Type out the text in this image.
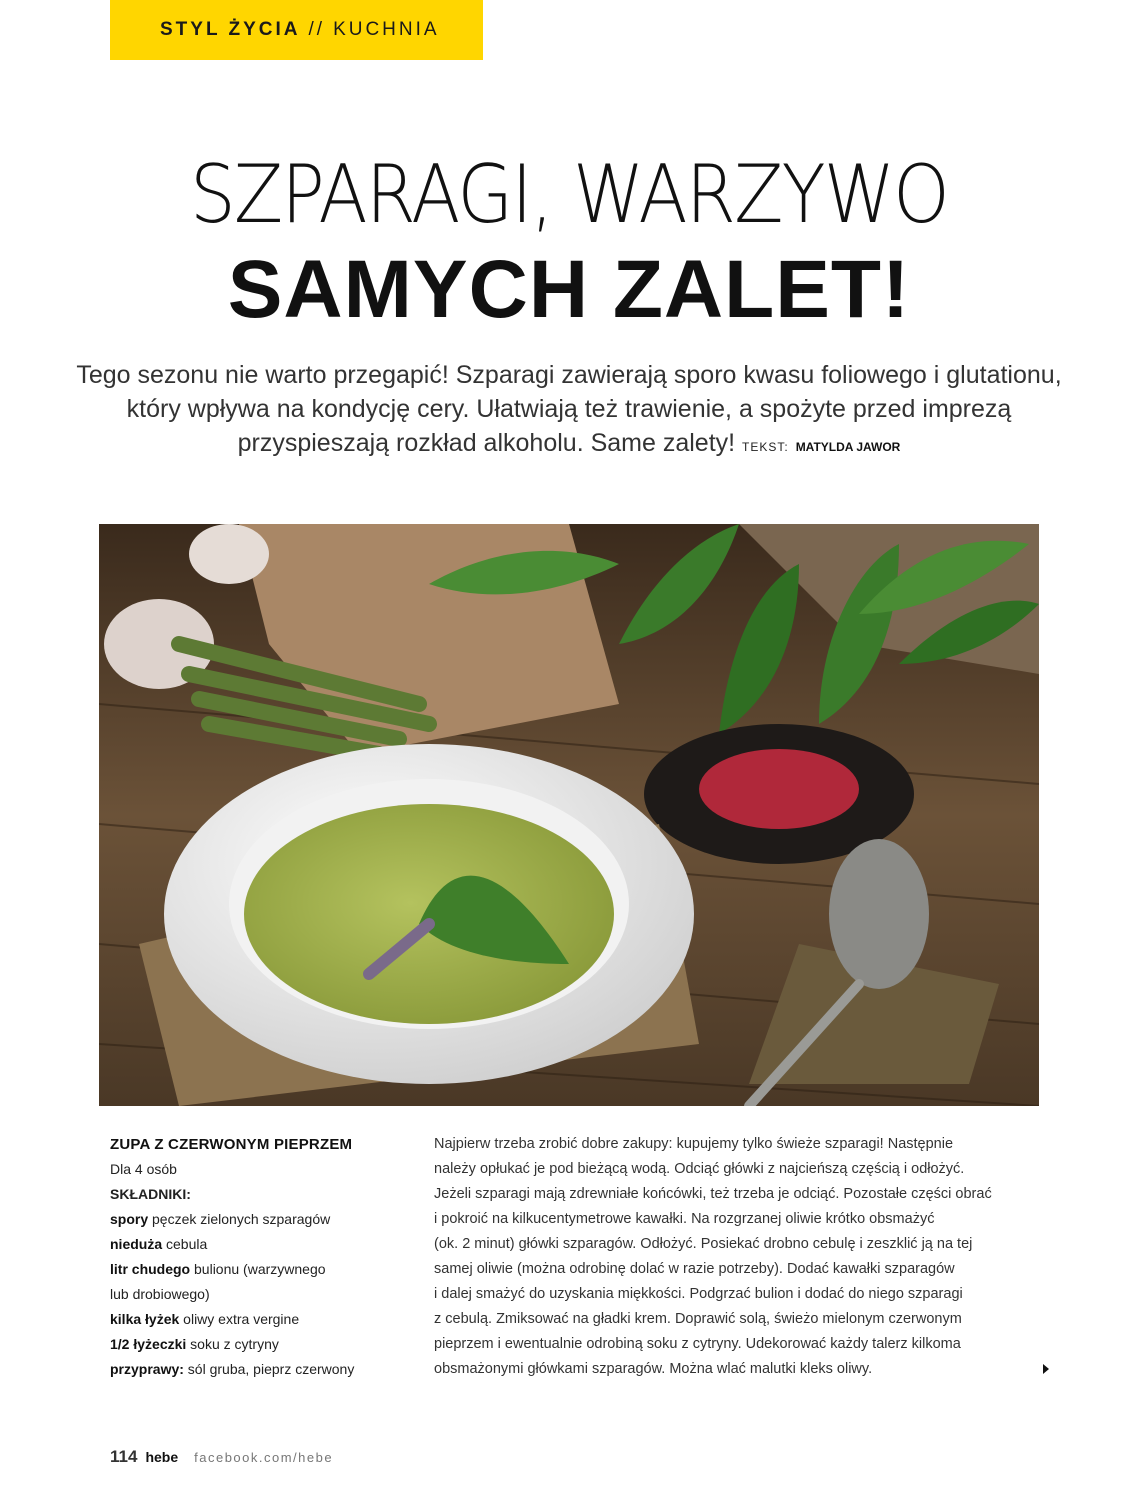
STYL ŻYCIA // KUCHNIA
SZPARAGI, WARZYWO
SAMYCH ZALET!

Tego sezonu nie warto przegapić! Szparagi zawierają sporo kwasu foliowego i glutationu, który wpływa na kondycję cery. Ułatwiają też trawienie, a spożyte przed imprezą przyspieszają rozkład alkoholu. Same zalety! TEKST: MATYLDA JAWOR

ZUPA Z CZERWONYM PIEPRZEM
Dla 4 osób
SKŁADNIKI:
spory pęczek zielonych szparagów
nieduża cebula
litr chudego bulionu (warzywnego
lub drobiowego)
kilka łyżek oliwy extra vergine
1/2 łyżeczki soku z cytryny
przyprawy: sól gruba, pieprz czerwony
Najpierw trzeba zrobić dobre zakupy: kupujemy tylko świeże szparagi! Następnie
należy opłukać je pod bieżącą wodą. Odciąć główki z najcieńszą częścią i odłożyć.
Jeżeli szparagi mają zdrewniałe końcówki, też trzeba je odciąć. Pozostałe części obrać
i pokroić na kilkucentymetrowe kawałki. Na rozgrzanej oliwie krótko obsmażyć
(ok. 2 minut) główki szparagów. Odłożyć. Posiekać drobno cebulę i zeszklić ją na tej
samej oliwie (można odrobinę dolać w razie potrzeby). Dodać kawałki szparagów
i dalej smażyć do uzyskania miękkości. Podgrzać bulion i dodać do niego szparagi
z cebulą. Zmiksować na gładki krem. Doprawić solą, świeżo mielonym czerwonym
pieprzem i ewentualnie odrobiną soku z cytryny. Udekorować każdy talerz kilkoma
obsmażonymi główkami szparagów. Można wlać malutki kleks oliwy.
114 hebe facebook.com/hebe
